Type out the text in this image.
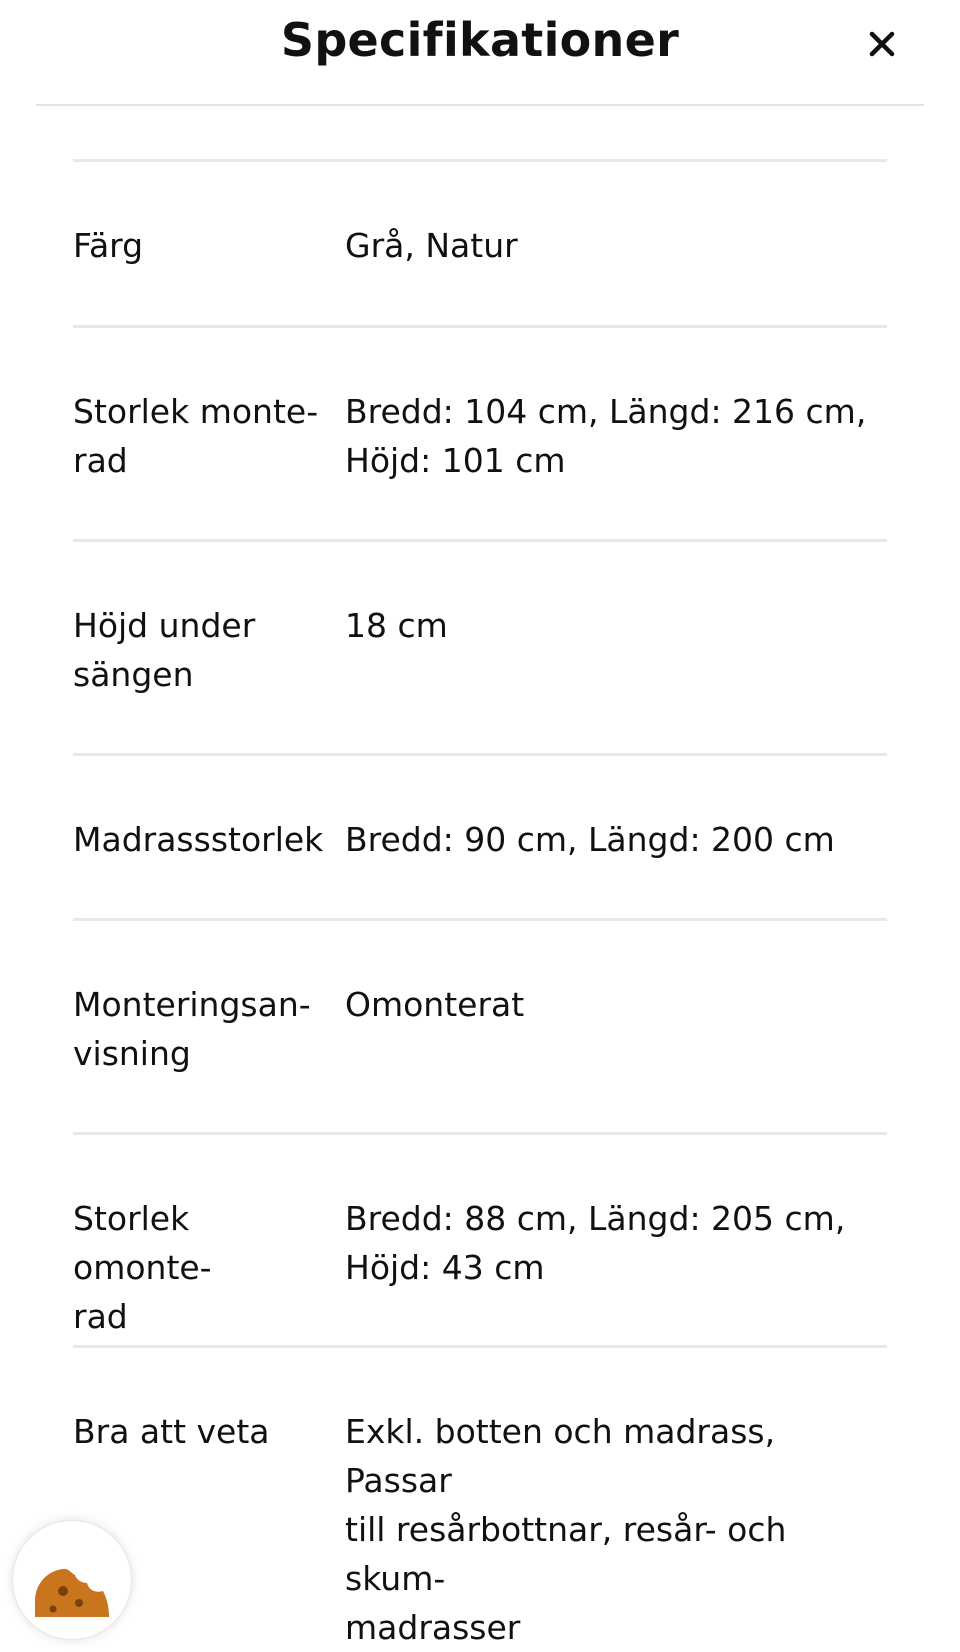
Specifikationer
Färg	Grå, Natur
Storlek monte-
rad
Bredd: 104 cm, Längd: 216 cm,
Höjd: 101 cm
Höjd under
sängen
18 cm
Madrassstorlek Bredd: 90 cm, Längd: 200 cm
Monteringsan-
visning
Omonterat
Storlek omonte-
rad
Bredd: 88 cm, Längd: 205 cm,
Höjd: 43 cm
Bra att veta	Exkl. botten och madrass, Passar
till resårbottnar, resår- och skum-
madrasser
